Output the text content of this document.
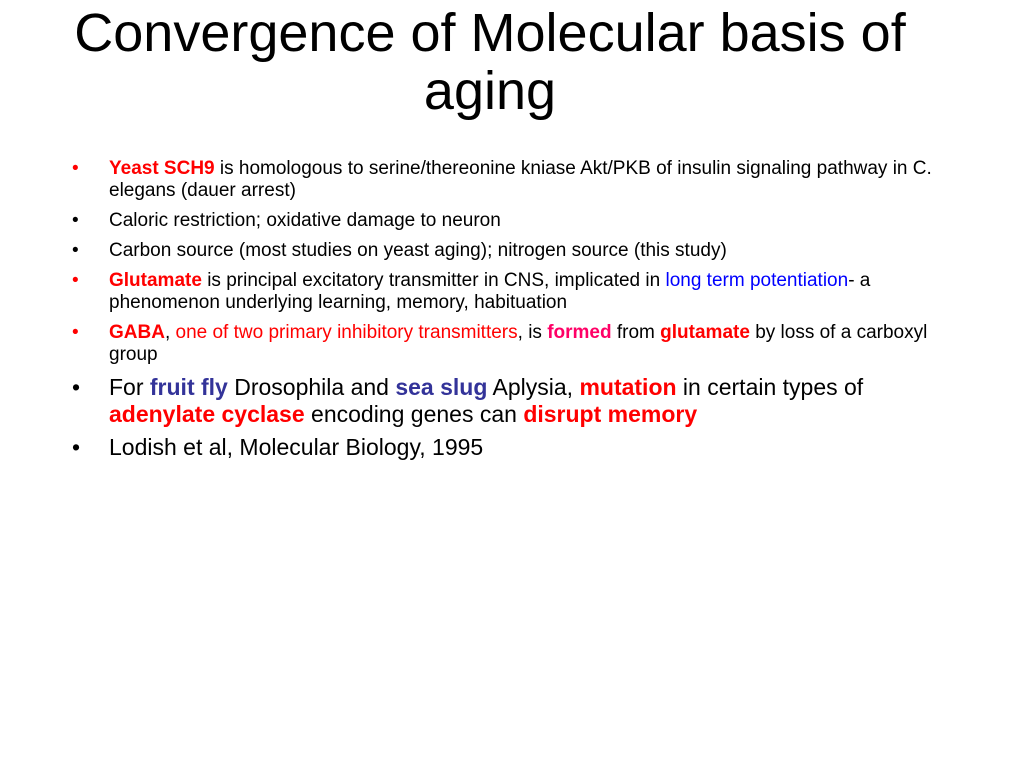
Convergence of Molecular basis of aging
• Yeast SCH9 is homologous to serine/thereonine kniase Akt/PKB of insulin signaling pathway in C. elegans (dauer arrest)
• Caloric restriction; oxidative damage to neuron
• Carbon source (most studies on yeast aging); nitrogen source (this study)
• Glutamate is principal excitatory transmitter in CNS, implicated in long term potentiation- a phenomenon underlying learning, memory, habituation
• GABA, one of two primary inhibitory transmitters, is formed from glutamate by loss of a carboxyl group
• For fruit fly Drosophila and sea slug Aplysia, mutation in certain types of adenylate cyclase encoding genes can disrupt memory
• Lodish et al, Molecular Biology, 1995
